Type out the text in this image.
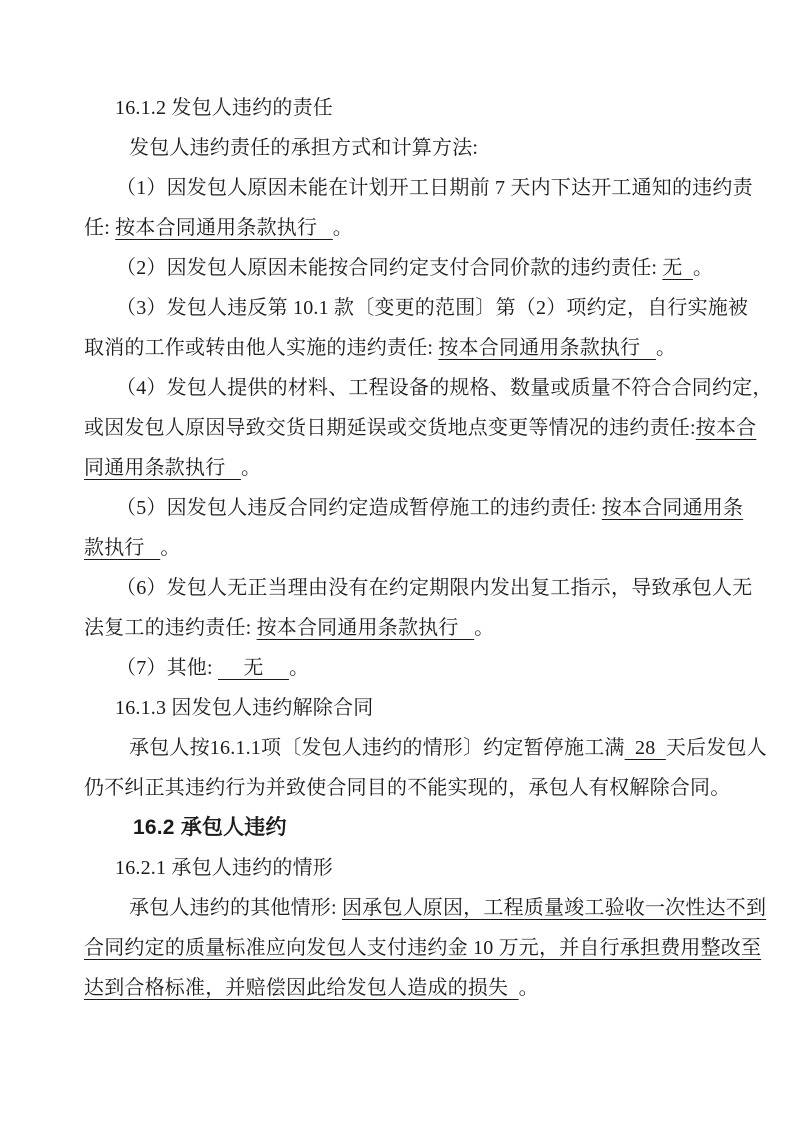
16.1.2 发包人违约的责任
发包人违约责任的承担方式和计算方法:
（1）因发包人原因未能在计划开工日期前 7 天内下达开工通知的违约责
任: 按本合同通用条款执行   。
（2）因发包人原因未能按合同约定支付合同价款的违约责任: 无  。
（3）发包人违反第 10.1 款〔变更的范围〕第（2）项约定，自行实施被
取消的工作或转由他人实施的违约责任: 按本合同通用条款执行   。
（4）发包人提供的材料、工程设备的规格、数量或质量不符合合同约定，
或因发包人原因导致交货日期延误或交货地点变更等情况的违约责任:按本合
同通用条款执行   。
（5）因发包人违反合同约定造成暂停施工的违约责任: 按本合同通用条
款执行   。
（6）发包人无正当理由没有在约定期限内发出复工指示，导致承包人无
法复工的违约责任: 按本合同通用条款执行   。
（7）其他:  　无　 。
16.1.3 因发包人违约解除合同
承包人按16.1.1项〔发包人违约的情形〕约定暂停施工满  28  天后发包人
仍不纠正其违约行为并致使合同目的不能实现的，承包人有权解除合同。
16.2 承包人违约
16.2.1 承包人违约的情形
承包人违约的其他情形: 因承包人原因，工程质量竣工验收一次性达不到
合同约定的质量标准应向发包人支付违约金 10 万元，并自行承担费用整改至
达到合格标准，并赔偿因此给发包人造成的损失  。
